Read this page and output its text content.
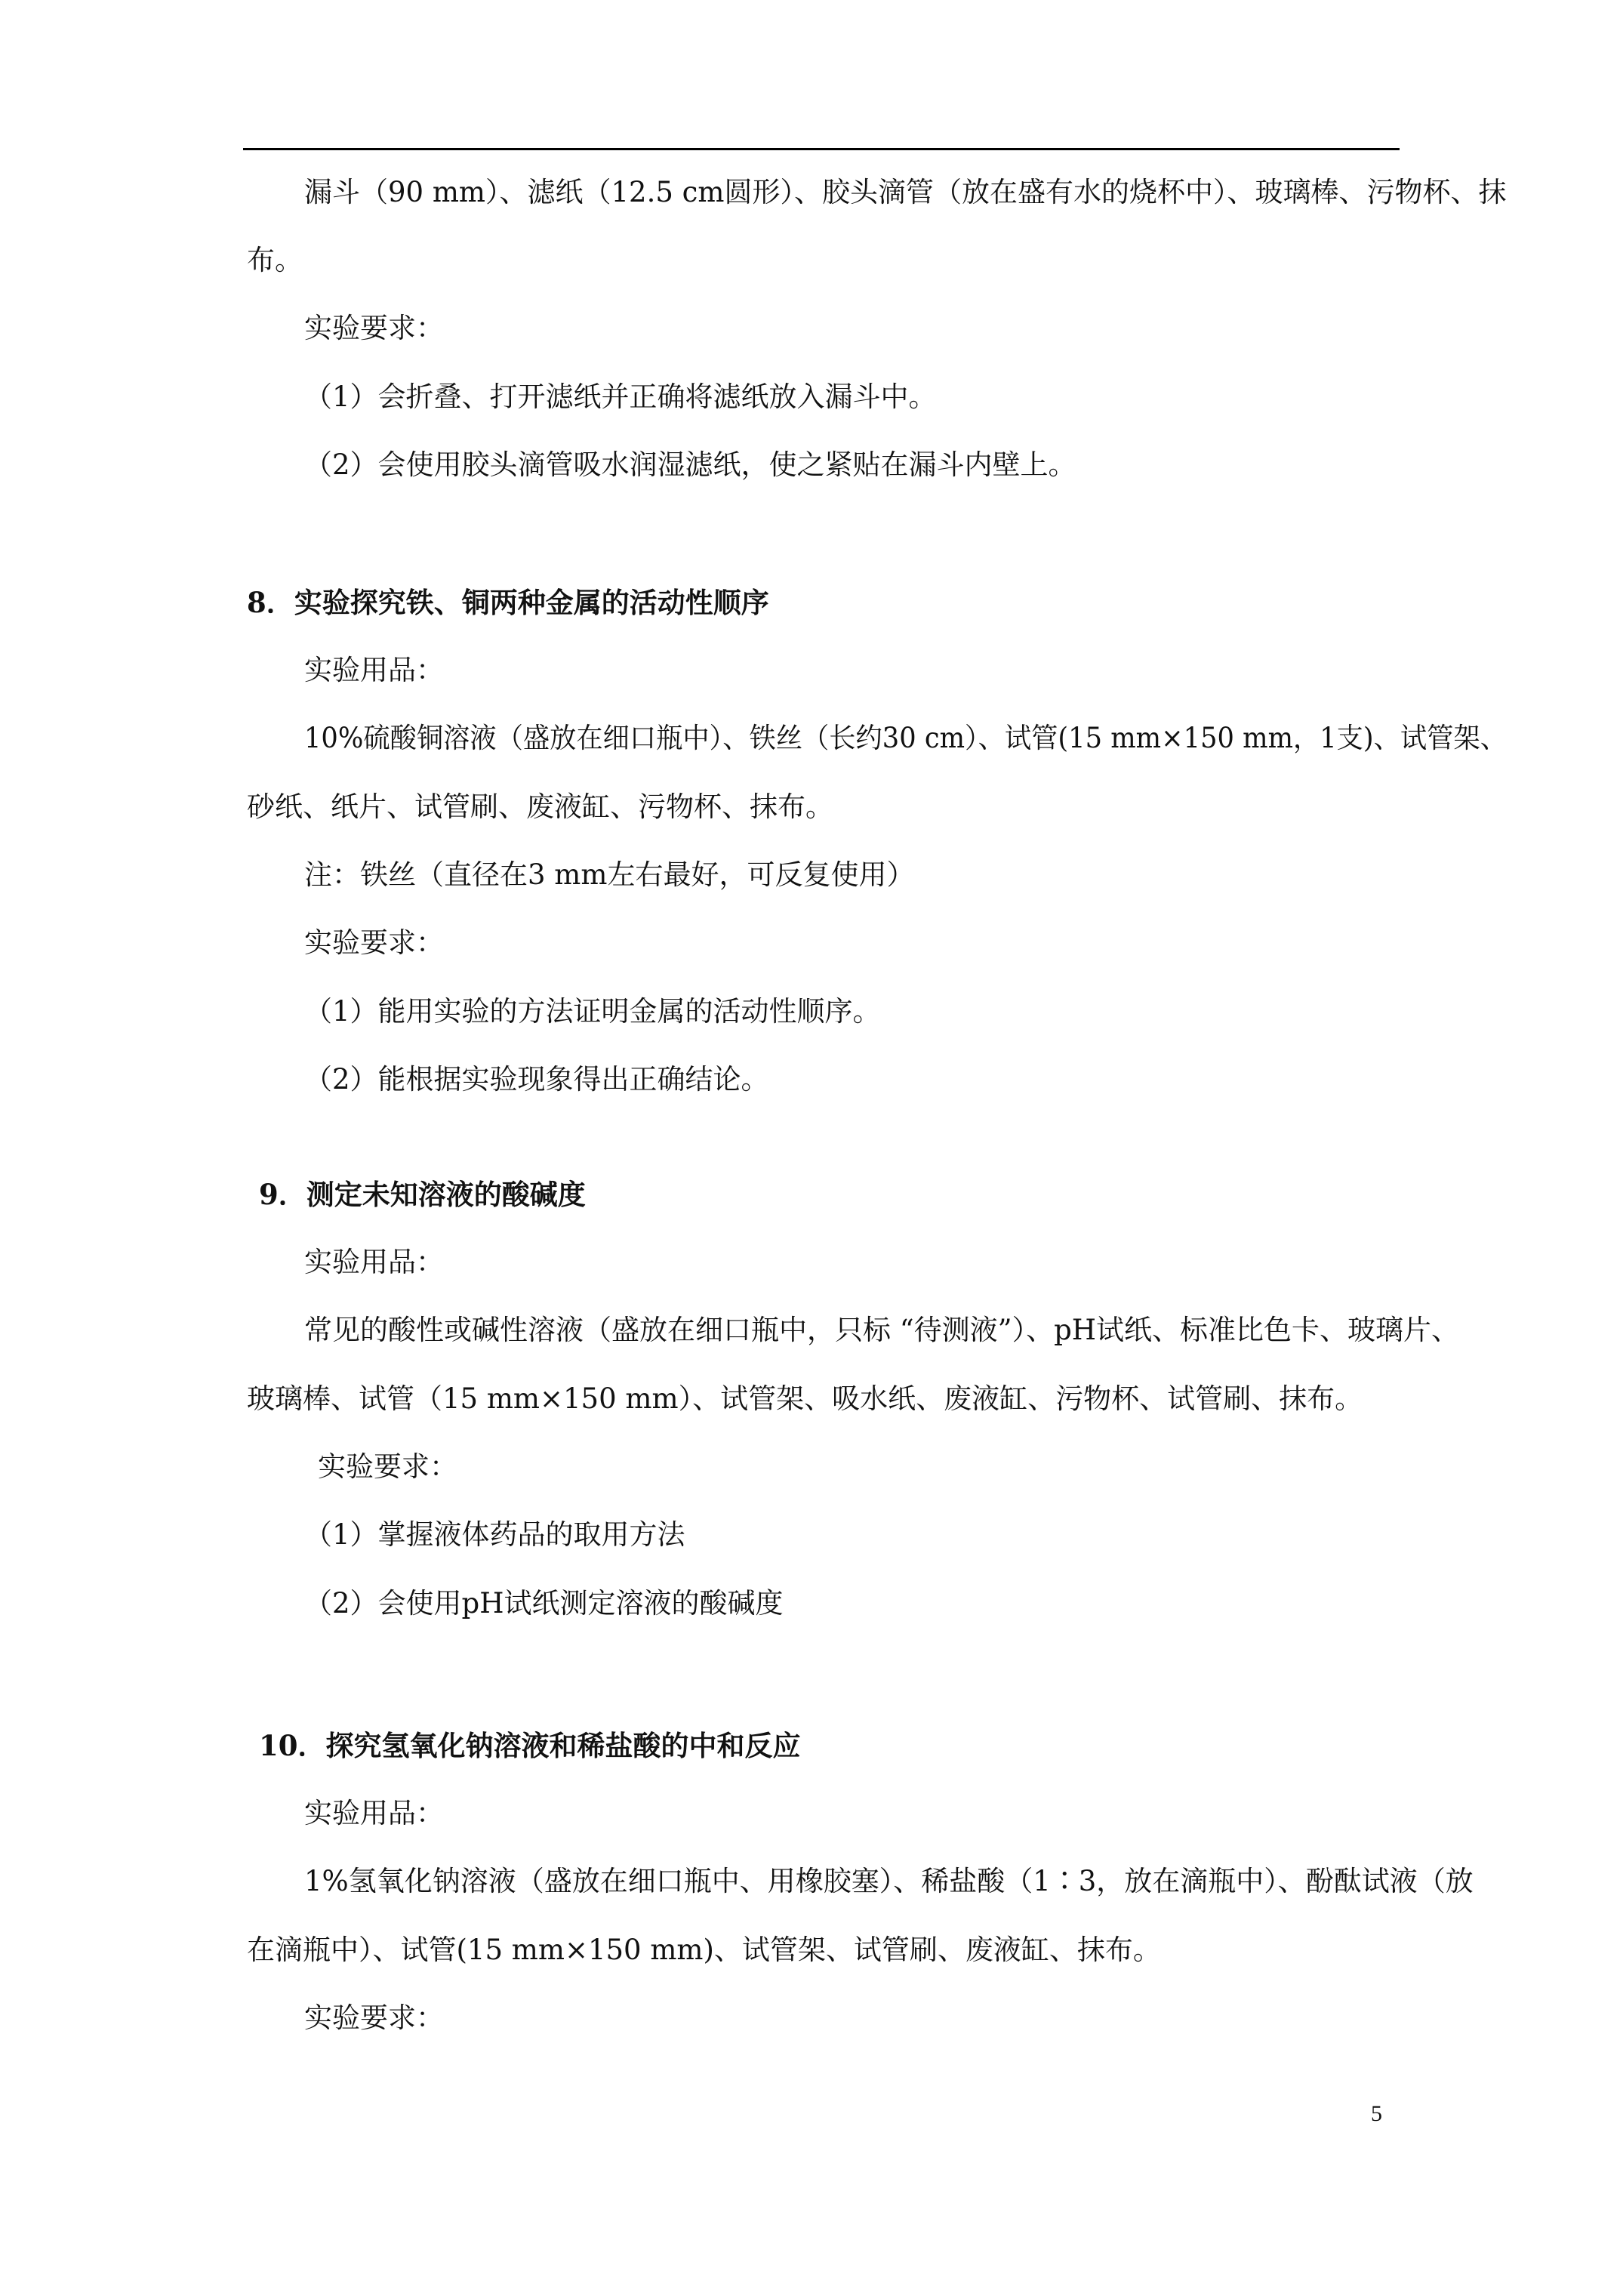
漏斗（90 mm）、滤纸（12.5 cm圆形）、胶头滴管（放在盛有水的烧杯中）、玻璃棒、污物杯、抹
布。
实验要求：
（1）会折叠、打开滤纸并正确将滤纸放入漏斗中。
（2）会使用胶头滴管吸水润湿滤纸，使之紧贴在漏斗内壁上。
8．实验探究铁、铜两种金属的活动性顺序
实验用品：
10%硫酸铜溶液（盛放在细口瓶中）、铁丝（长约30 cm）、试管(15 mm×150 mm，1支)、试管架、
砂纸、纸片、试管刷、废液缸、污物杯、抹布。
注：铁丝（直径在3 mm左右最好，可反复使用）
实验要求：
（1）能用实验的方法证明金属的活动性顺序。
（2）能根据实验现象得出正确结论。
9．测定未知溶液的酸碱度
实验用品：
常见的酸性或碱性溶液（盛放在细口瓶中，只标 “待测液”）、pH试纸、标准比色卡、玻璃片、
玻璃棒、试管（15 mm×150 mm）、试管架、吸水纸、废液缸、污物杯、试管刷、抹布。
实验要求：
（1）掌握液体药品的取用方法
（2）会使用pH试纸测定溶液的酸碱度
10．探究氢氧化钠溶液和稀盐酸的中和反应
实验用品：
1%氢氧化钠溶液（盛放在细口瓶中、用橡胶塞）、稀盐酸（1∶3，放在滴瓶中）、酚酞试液（放
在滴瓶中）、试管(15 mm×150 mm)、试管架、试管刷、废液缸、抹布。
实验要求：
5
